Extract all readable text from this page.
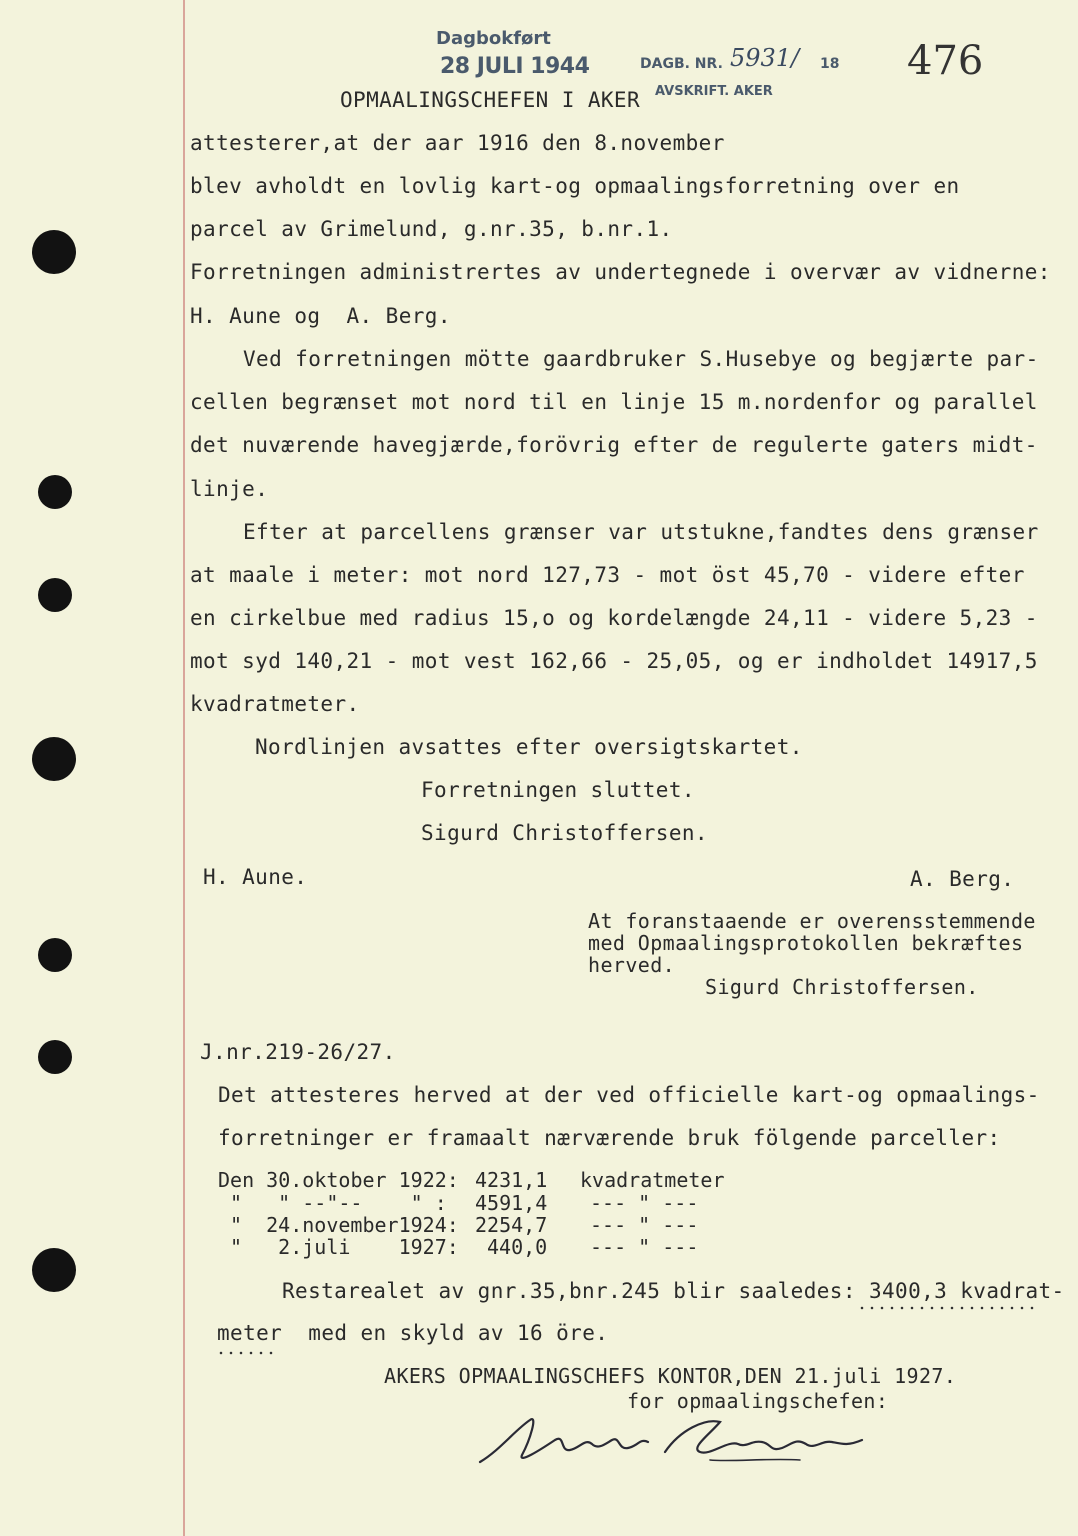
Dagbokført
28 JULI 1944	DAGB. NR. 5931/ 18
AVSKRIFT. AKER
476
OPMAALINGSCHEFEN I AKER
attesterer,at der aar 1916 den 8.november
blev avholdt en lovlig kart-og opmaalingsforretning over en
parcel av Grimelund, g.nr.35, b.nr.1.
Forretningen administrertes av undertegnede i overvær av vidnerne:
H. Aune og  A. Berg.
Ved forretningen mötte gaardbruker S.Husebye og begjærte par-
cellen begrænset mot nord til en linje 15 m.nordenfor og parallel
det nuværende havegjærde,forövrig efter de regulerte gaters midt-
linje.
Efter at parcellens grænser var utstukne,fandtes dens grænser
at maale i meter: mot nord 127,73 - mot öst 45,70 - videre efter
en cirkelbue med radius 15,o og kordelængde 24,11 - videre 5,23 -
mot syd 140,21 - mot vest 162,66 - 25,05, og er indholdet 14917,5
kvadratmeter.
Nordlinjen avsattes efter oversigtskartet.
Forretningen sluttet.
Sigurd Christoffersen.
H. Aune.	A. Berg.
At foranstaaende er overensstemmende
med Opmaalingsprotokollen bekræftes
herved.
Sigurd Christoffersen.
J.nr.219-26/27.
Det attesteres herved at der ved officielle kart-og opmaalings-
forretninger er framaalt nærværende bruk fölgende parceller:
Den 30.oktober 1922: 4231,1 kvadratmeter
"   " --"--    " : 4591,4 --- " ---
"  24.november1924: 2254,7 --- " ---
"   2.juli    1927: 440,0 --- " ---
Restarealet av gnr.35,bnr.245 blir saaledes: 3400,3 kvadrat-
meter  med en skyld av 16 öre.
AKERS OPMAALINGSCHEFS KONTOR,DEN 21.juli 1927.
for opmaalingschefen:
